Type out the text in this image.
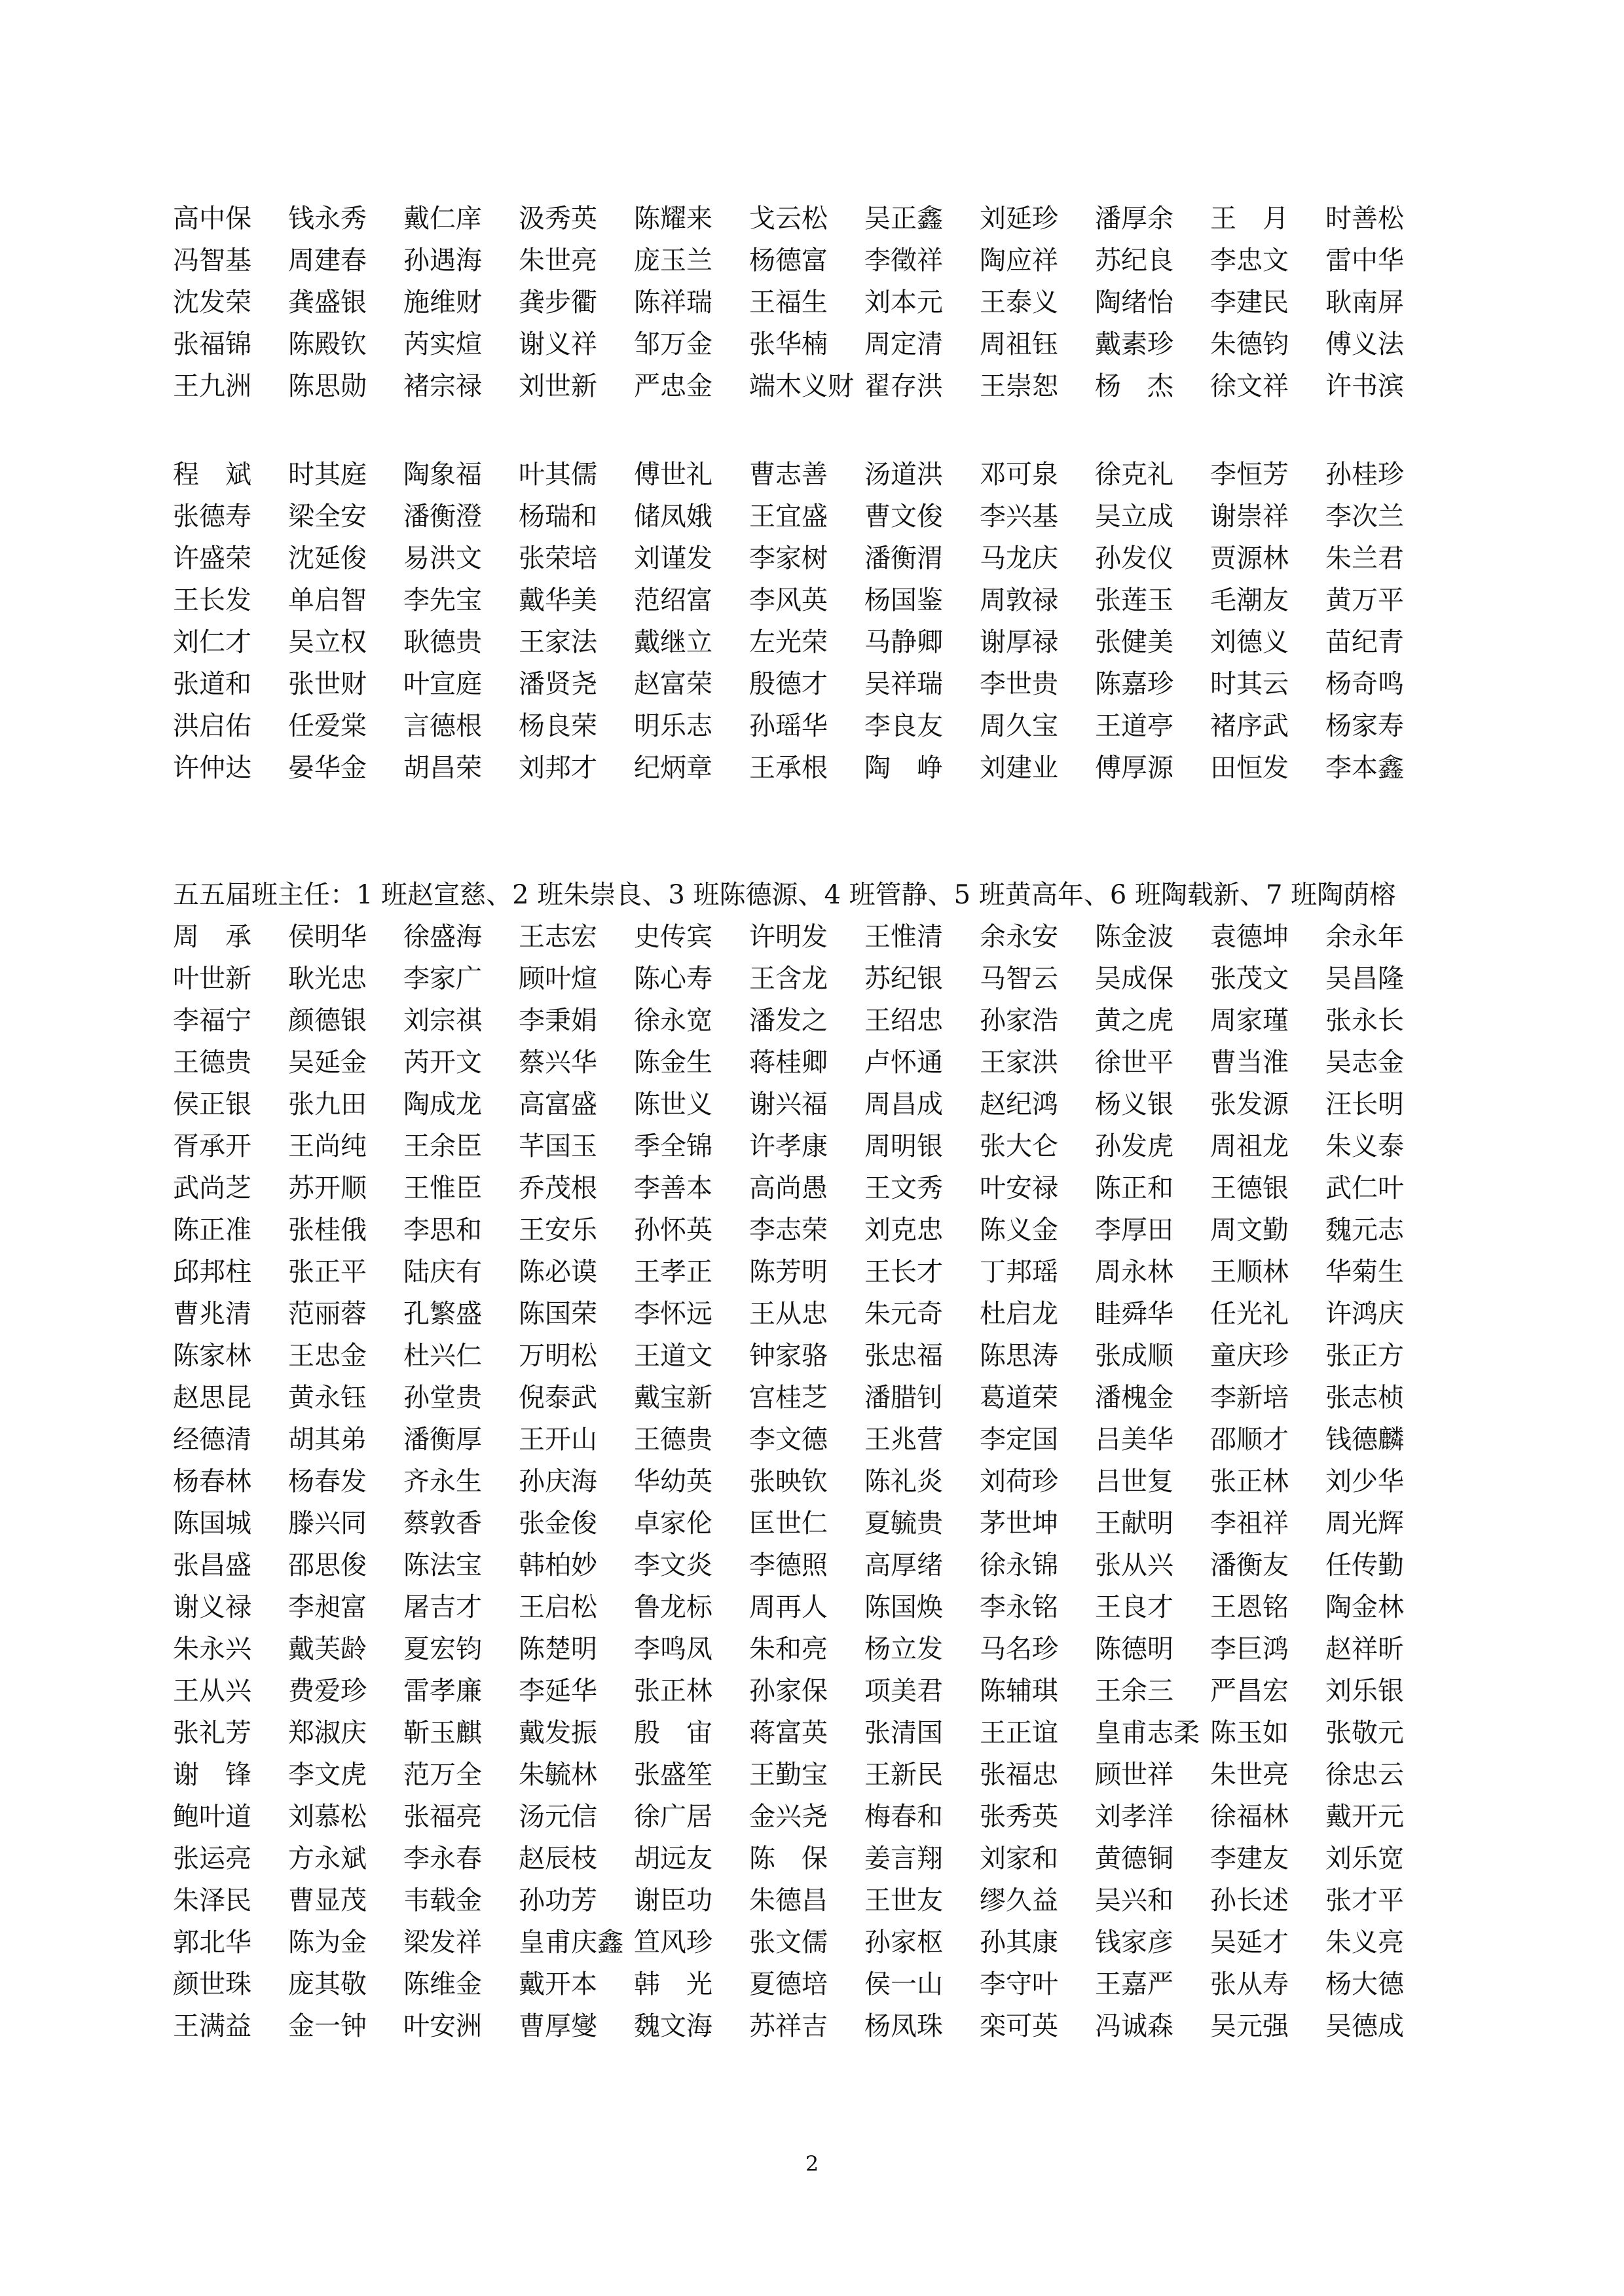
高中保	钱永秀	戴仁庠	汲秀英	陈耀来	戈云松	吴正鑫	刘延珍	潘厚余	王　月	时善松
冯智基	周建春	孙遇海	朱世亮	庞玉兰	杨德富	李徵祥	陶应祥	苏纪良	李忠文	雷中华
沈发荣	龚盛银	施维财	龚步衢	陈祥瑞	王福生	刘本元	王泰义	陶绪怡	李建民	耿南屏
张福锦	陈殿钦	芮实煊	谢义祥	邹万金	张华楠	周定清	周祖钰	戴素珍	朱德钧	傅义法
王九洲	陈思勋	褚宗禄	刘世新	严忠金	端木义财 翟存洪	王崇恕	杨　杰	徐文祥	许书滨
程　斌	时其庭	陶象福	叶其儒	傅世礼	曹志善	汤道洪	邓可泉	徐克礼	李恒芳	孙桂珍
张德寿	梁全安	潘衡澄	杨瑞和	储凤娥	王宜盛	曹文俊	李兴基	吴立成	谢崇祥	李次兰
许盛荣	沈延俊	易洪文	张荣培	刘谨发	李家树	潘衡渭	马龙庆	孙发仪	贾源林	朱兰君
王长发	单启智	李先宝	戴华美	范绍富	李风英	杨国鉴	周敦禄	张莲玉	毛潮友	黄万平
刘仁才	吴立权	耿德贵	王家法	戴继立	左光荣	马静卿	谢厚禄	张健美	刘德义	苗纪青
张道和	张世财	叶宣庭	潘贤尧	赵富荣	殷德才	吴祥瑞	李世贵	陈嘉珍	时其云	杨奇鸣
洪启佑	任爱棠	言德根	杨良荣	明乐志	孙瑶华	李良友	周久宝	王道亭	褚序武	杨家寿
许仲达	晏华金	胡昌荣	刘邦才	纪炳章	王承根	陶　峥	刘建业	傅厚源	田恒发	李本鑫
五五届班主任：1 班赵宣慈、2 班朱崇良、3 班陈德源、4 班管静、5 班黄高年、6 班陶载新、7 班陶荫榕
周　承	侯明华	徐盛海	王志宏	史传宾	许明发	王惟清	余永安	陈金波	袁德坤	余永年
叶世新	耿光忠	李家广	顾叶煊	陈心寿	王含龙	苏纪银	马智云	吴成保	张茂文	吴昌隆
李福宁	颜德银	刘宗祺	李秉娟	徐永宽	潘发之	王绍忠	孙家浩	黄之虎	周家瑾	张永长
王德贵	吴延金	芮开文	蔡兴华	陈金生	蒋桂卿	卢怀通	王家洪	徐世平	曹当淮	吴志金
侯正银	张九田	陶成龙	高富盛	陈世义	谢兴福	周昌成	赵纪鸿	杨义银	张发源	汪长明
胥承开	王尚纯	王余臣	芊国玉	季全锦	许孝康	周明银	张大仑	孙发虎	周祖龙	朱义泰
武尚芝	苏开顺	王惟臣	乔茂根	李善本	高尚愚	王文秀	叶安禄	陈正和	王德银	武仁叶
陈正准	张桂俄	李思和	王安乐	孙怀英	李志荣	刘克忠	陈义金	李厚田	周文勤	魏元志
邱邦柱	张正平	陆庆有	陈必谟	王孝正	陈芳明	王长才	丁邦瑶	周永林	王顺林	华菊生
曹兆清	范丽蓉	孔繁盛	陈国荣	李怀远	王从忠	朱元奇	杜启龙	眭舜华	任光礼	许鸿庆
陈家林	王忠金	杜兴仁	万明松	王道文	钟家骆	张忠福	陈思涛	张成顺	童庆珍	张正方
赵思昆	黄永钰	孙堂贵	倪泰武	戴宝新	宫桂芝	潘腊钊	葛道荣	潘槐金	李新培	张志桢
经德清	胡其弟	潘衡厚	王开山	王德贵	李文德	王兆营	李定国	吕美华	邵顺才	钱德麟
杨春林	杨春发	齐永生	孙庆海	华幼英	张映钦	陈礼炎	刘荷珍	吕世复	张正林	刘少华
陈国城	滕兴同	蔡敦香	张金俊	卓家伦	匡世仁	夏毓贵	茅世坤	王献明	李祖祥	周光辉
张昌盛	邵思俊	陈法宝	韩柏妙	李文炎	李德照	高厚绪	徐永锦	张从兴	潘衡友	任传勤
谢义禄	李昶富	屠吉才	王启松	鲁龙标	周再人	陈国焕	李永铭	王良才	王恩铭	陶金林
朱永兴	戴芙龄	夏宏钧	陈楚明	李鸣凤	朱和亮	杨立发	马名珍	陈德明	李巨鸿	赵祥昕
王从兴	费爱珍	雷孝廉	李延华	张正林	孙家保	项美君	陈辅琪	王余三	严昌宏	刘乐银
张礼芳	郑淑庆	靳玉麒	戴发振	殷　宙	蒋富英	张清国	王正谊	皇甫志柔 陈玉如	张敬元
谢　锋	李文虎	范万全	朱毓林	张盛笙	王勤宝	王新民	张福忠	顾世祥	朱世亮	徐忠云
鲍叶道	刘慕松	张福亮	汤元信	徐广居	金兴尧	梅春和	张秀英	刘孝洋	徐福林	戴开元
张运亮	方永斌	李永春	赵辰枝	胡远友	陈　保	姜言翔	刘家和	黄德铜	李建友	刘乐宽
朱泽民	曹显茂	韦载金	孙功芳	谢臣功	朱德昌	王世友	缪久益	吴兴和	孙长述	张才平
郭北华	陈为金	梁发祥	皇甫庆鑫 笪风珍	张文儒	孙家枢	孙其康	钱家彦	吴延才	朱义亮
颜世珠	庞其敬	陈维金	戴开本	韩　光	夏德培	侯一山	李守叶	王嘉严	张从寿	杨大德
王满益	金一钟	叶安洲	曹厚燮	魏文海	苏祥吉	杨凤珠	栾可英	冯诚森	吴元强	吴德成
2
